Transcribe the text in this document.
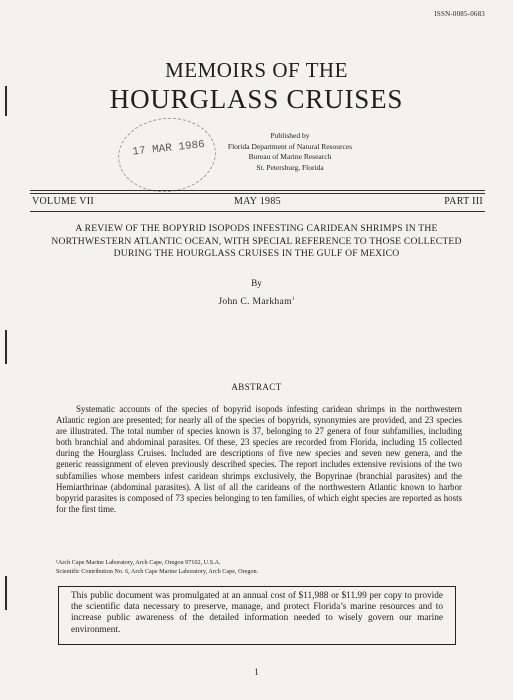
ISSN-0085-0683
MEMOIRS OF THE
HOURGLASS CRUISES
17 MAR 1986
Published by
Florida Department of Natural Resources
Bureau of Marine Research
St. Petersburg, Florida
VOLUME VII	MAY 1985	PART III
A REVIEW OF THE BOPYRID ISOPODS INFESTING CARIDEAN SHRIMPS IN THE NORTHWESTERN ATLANTIC OCEAN, WITH SPECIAL REFERENCE TO THOSE COLLECTED DURING THE HOURGLASS CRUISES IN THE GULF OF MEXICO
By
John C. Markham$^1$
ABSTRACT
Systematic accounts of the species of bopyrid isopods infesting caridean shrimps in the northwestern Atlantic region are presented; for nearly all of the species of bopyrids, synonymies are provided, and 23 species are illustrated. The total number of species known is 37, belonging to 27 genera of four subfamilies, including both branchial and abdominal parasites. Of these, 23 species are recorded from Florida, including 15 collected during the Hourglass Cruises. Included are descriptions of five new species and seven new genera, and the generic reassignment of eleven previously described species. The report includes extensive revisions of the two subfamilies whose members infest caridean shrimps exclusively, the Bopyrinae (branchial parasites) and the Hemiarthrinae (abdominal parasites). A list of all the carideans of the northwestern Atlantic known to harbor bopyrid parasites is composed of 73 species belonging to ten families, of which eight species are reported as hosts for the first time.
¹Arch Cape Marine Laboratory, Arch Cape, Oregon 97102, U.S.A.
Scientific Contribution No. 6, Arch Cape Marine Laboratory, Arch Cape, Oregon.
This public document was promulgated at an annual cost of $11,988 or $11.99 per copy to provide the scientific data necessary to preserve, manage, and protect Florida’s marine resources and to increase public awareness of the detailed information needed to wisely govern our marine environment.
1
